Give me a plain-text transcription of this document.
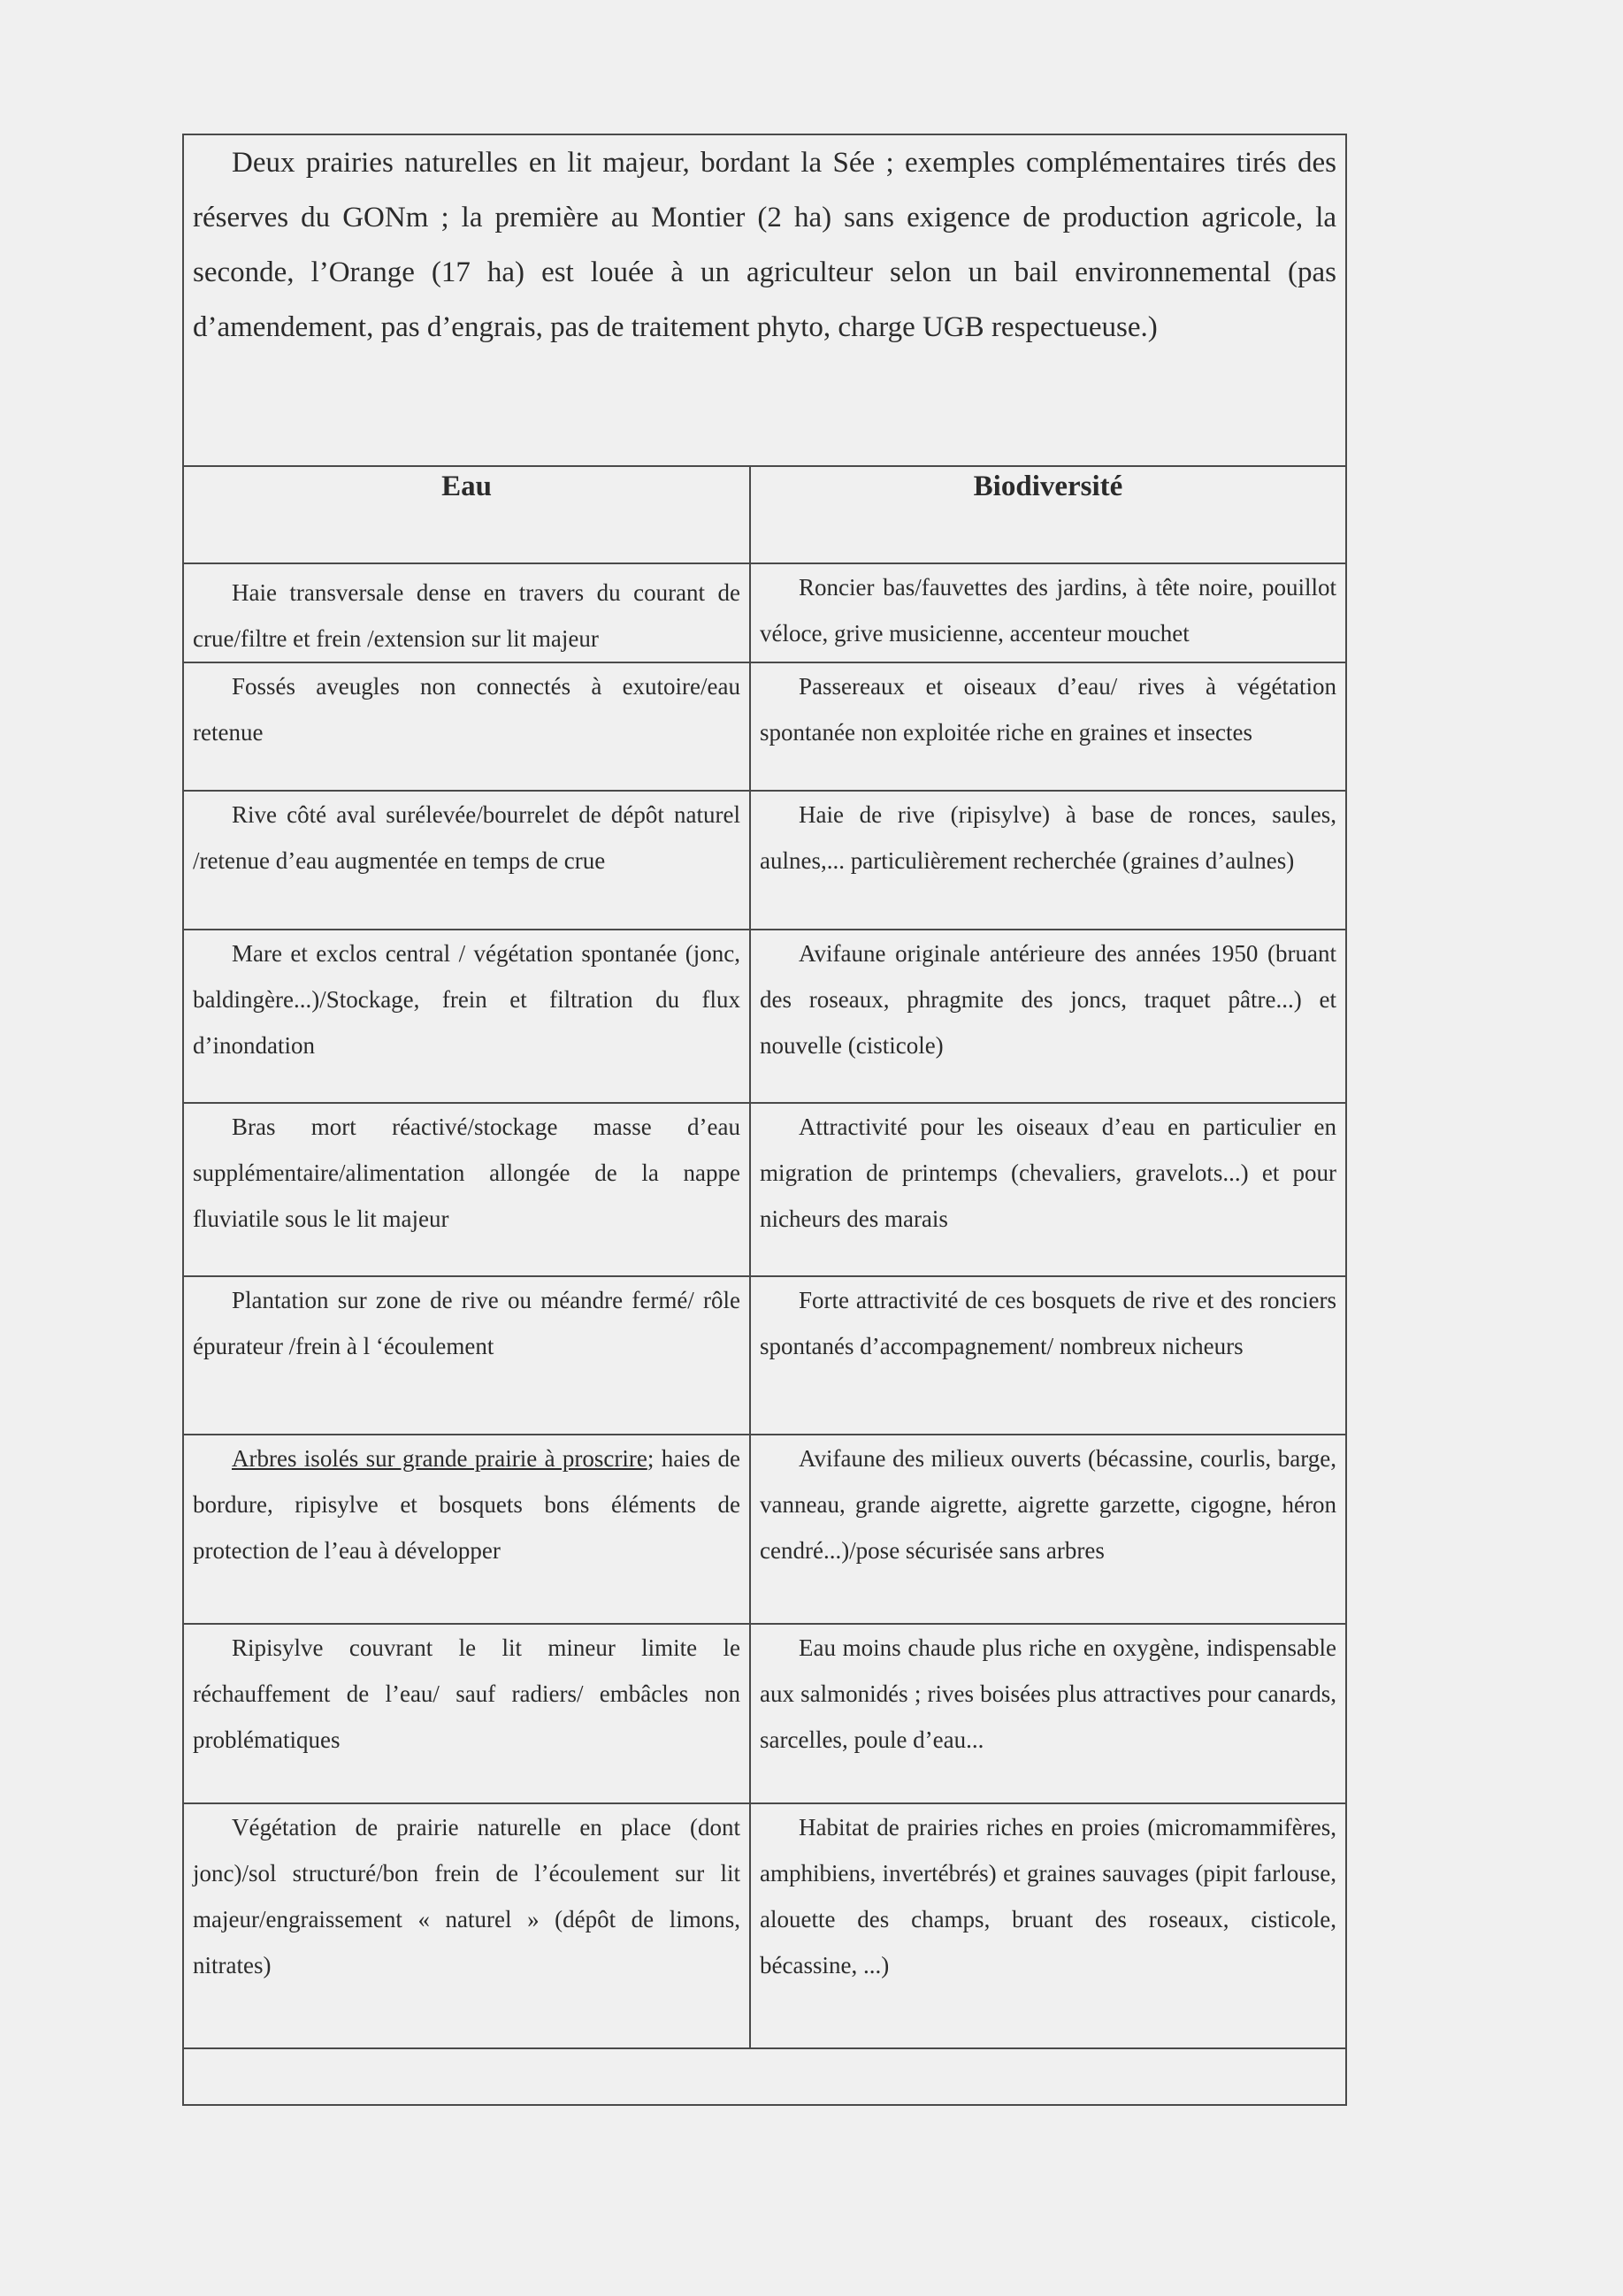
Deux prairies naturelles en lit majeur, bordant la Sée ; exemples complémentaires tirés des réserves du GONm ; la première au Montier (2 ha) sans exigence de production agricole, la seconde, l’Orange (17 ha) est louée à un agriculteur selon un bail environnemental (pas d’amendement, pas d’engrais, pas de traitement phyto, charge UGB respectueuse.)	

Eau	Biodiversité

Haie transversale dense en travers du courant de crue/filtre et frein /extension sur lit majeur	Roncier bas/fauvettes des jardins, à tête noire, pouillot véloce, grive musicienne, accenteur mouchet

Fossés aveugles non connectés à exutoire/eau retenue	Passereaux et oiseaux d’eau/ rives à végétation spontanée non exploitée riche en graines et insectes

Rive côté aval surélevée/bourrelet de dépôt naturel /retenue d’eau augmentée en temps de crue	Haie de rive (ripisylve) à base de ronces, saules, aulnes,... particulièrement recherchée (graines d’aulnes)

Mare et exclos central / végétation spontanée (jonc, baldingère...)/Stockage, frein et filtration du flux d’inondation	Avifaune originale antérieure des années 1950 (bruant des roseaux, phragmite des joncs, traquet pâtre...) et nouvelle (cisticole)

Bras mort réactivé/stockage masse d’eau supplémentaire/alimentation allongée de la nappe fluviatile sous le lit majeur	Attractivité pour les oiseaux d’eau en particulier en migration de printemps (chevaliers, gravelots...) et pour nicheurs des marais

Plantation sur zone de rive ou méandre fermé/ rôle épurateur /frein à l ‘écoulement	Forte attractivité de ces bosquets de rive et des ronciers spontanés d’accompagnement/ nombreux nicheurs

Arbres isolés sur grande prairie à proscrire; haies de bordure, ripisylve et bosquets bons éléments de protection de l’eau à développer	Avifaune des milieux ouverts (bécassine, courlis, barge, vanneau, grande aigrette, aigrette garzette, cigogne, héron cendré...)/pose sécurisée sans arbres

Ripisylve couvrant le lit mineur limite le réchauffement de l’eau/ sauf radiers/ embâcles non problématiques	Eau moins chaude plus riche en oxygène, indispensable aux salmonidés ; rives boisées plus attractives pour canards, sarcelles, poule d’eau...

Végétation de prairie naturelle en place (dont jonc)/sol structuré/bon frein de l’écoulement sur lit majeur/engraissement « naturel » (dépôt de limons, nitrates)	Habitat de prairies riches en proies (micromammifères, amphibiens, invertébrés) et graines sauvages (pipit farlouse, alouette des champs, bruant des roseaux, cisticole, bécassine, ...)
